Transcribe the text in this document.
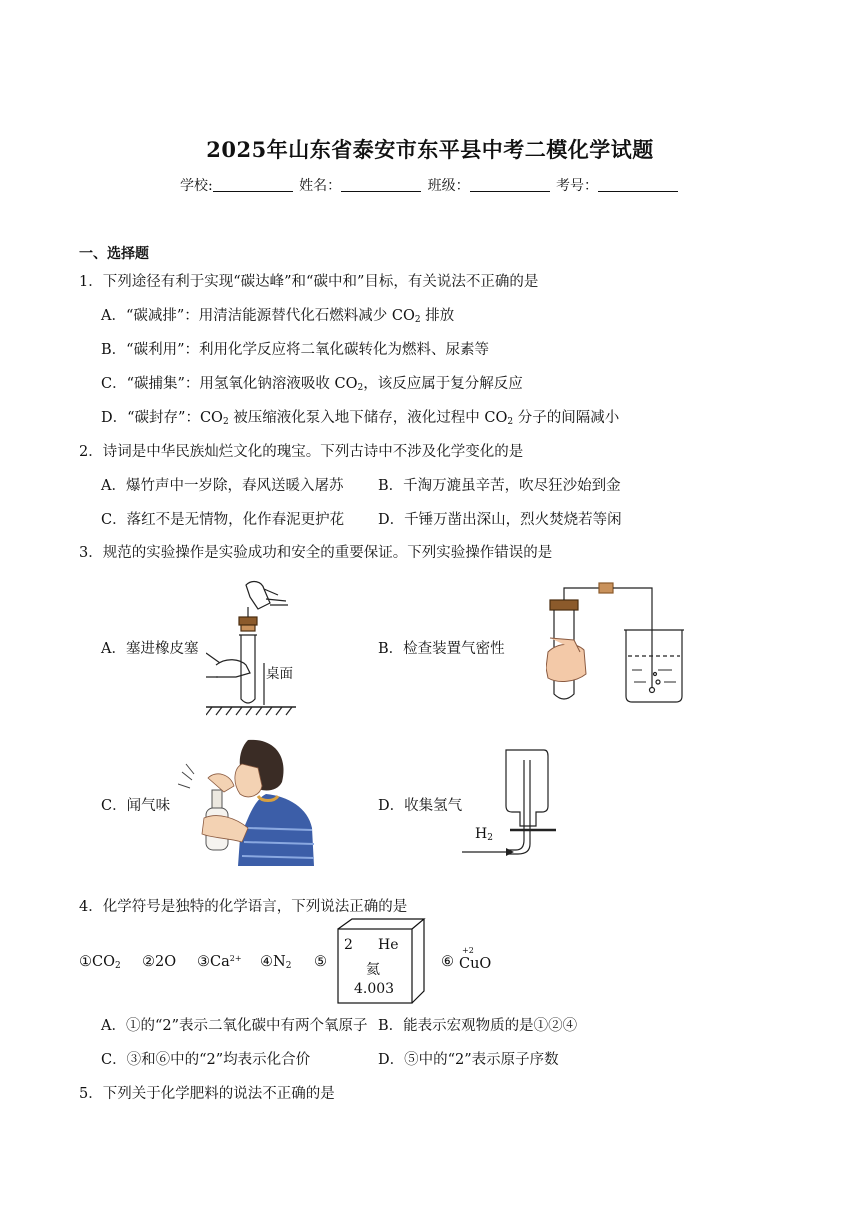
2025年山东省泰安市东平县中考二模化学试题
学校:	姓名：	班级：	考号：
一、选择题
1．下列途径有利于实现“碳达峰”和“碳中和”目标，有关说法不正确的是
A．“碳减排”：用清洁能源替代化石燃料减少 $CO_2$ 排放
B．“碳利用”：利用化学反应将二氧化碳转化为燃料、尿素等
C．“碳捕集”：用氢氧化钠溶液吸收 $CO_2$，该反应属于复分解反应
D．“碳封存”：$CO_2$ 被压缩液化泵入地下储存，液化过程中 $CO_2$ 分子的间隔减小
2．诗词是中华民族灿烂文化的瑰宝。下列古诗中不涉及化学变化的是
A．爆竹声中一岁除，春风送暖入屠苏 B．千淘万漉虽辛苦，吹尽狂沙始到金
C．落红不是无情物，化作春泥更护花 D．千锤万凿出深山，烈火焚烧若等闲
3．规范的实验操作是实验成功和安全的重要保证。下列实验操作错误的是
A．塞进橡皮塞	B．检查装置气密性
C．闻气味	D．收集氢气
桌面
$H_2$
4．化学符号是独特的化学语言，下列说法正确的是
$①CO_2$ ②2O $③Ca^{2+}$ $④N_2$ ⑤
2 He
氦
4.003
⑥
+2
CuO
A．①的“2”表示二氧化碳中有两个氧原子 B．能表示宏观物质的是①②④
C．③和⑥中的“2”均表示化合价	D．⑤中的“2”表示原子序数
5．下列关于化学肥料的说法不正确的是
